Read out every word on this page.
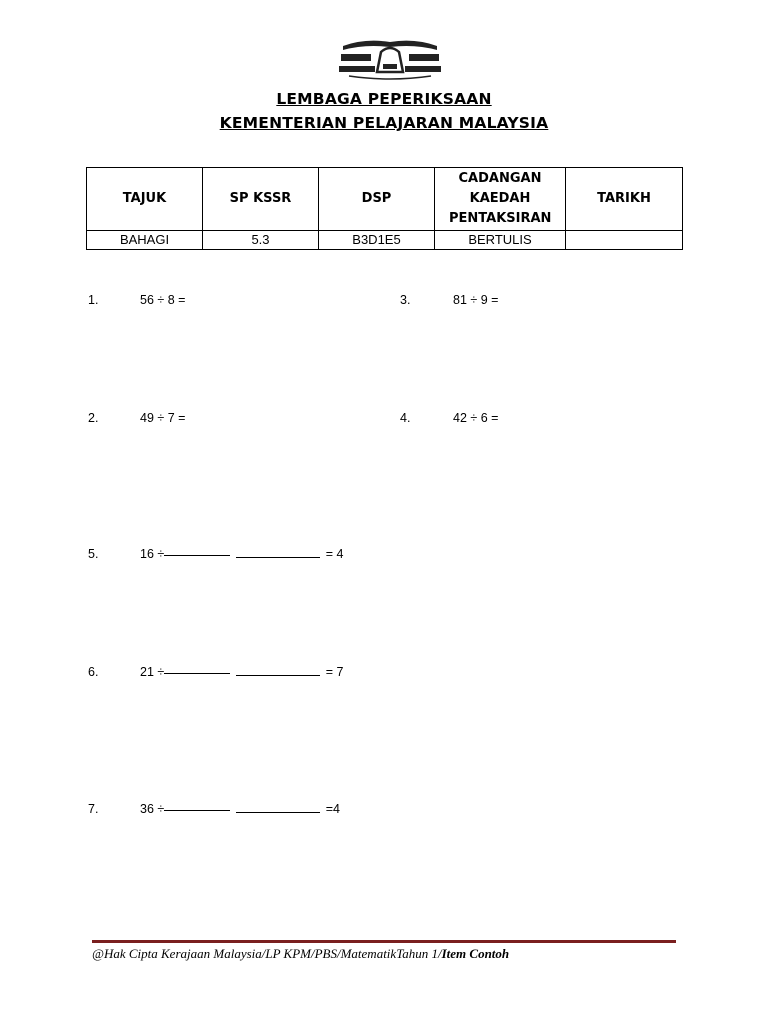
LEMBAGA PEPERIKSAAN
KEMENTERIAN PELAJARAN MALAYSIA
TAJUK	SP KSSR	DSP	CADANGAN KAEDAH PENTAKSIRAN	TARIKH
BAHAGI	5.3	B3D1E5	BERTULIS	
1.	56 ÷ 8 =	3.	81 ÷ 9 =
2.	49 ÷ 7 =	4.	42 ÷ 6 =
5.	16 ÷	= 4
6.	21 ÷	= 7
7.	36 ÷	=4
@Hak Cipta Kerajaan Malaysia/LP KPM/PBS/MatematikTahun 1/Item Contoh
